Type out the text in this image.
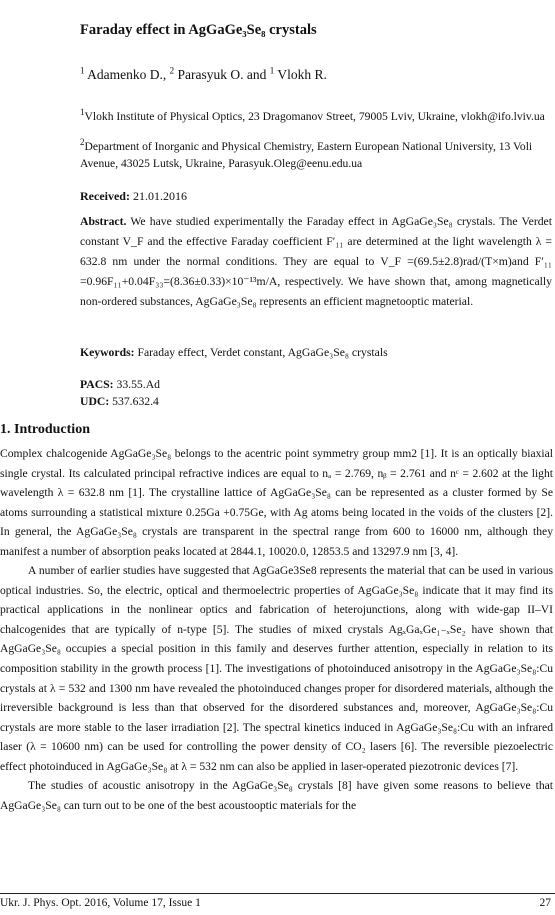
Faraday effect in AgGaGe₃Se₈ crystals
$^1$ Adamenko D., $^2$ Parasyuk O. and $^1$ Vlokh R.
$^1$Vlokh Institute of Physical Optics, 23 Dragomanov Street, 79005 Lviv, Ukraine, vlokh@ifo.lviv.ua
$^2$Department of Inorganic and Physical Chemistry, Eastern European National University, 13 Voli Avenue, 43025 Lutsk, Ukraine, Parasyuk.Oleg@eenu.edu.ua
Received: 21.01.2016
Abstract. We have studied experimentally the Faraday effect in AgGaGe₃Se₈ crystals. The Verdet constant V_F and the effective Faraday coefficient F′₁₁ are determined at the light wavelength λ = 632.8 nm under the normal conditions. They are equal to V_F =(69.5±2.8)rad/(T×m)and F′₁₁ =0.96F₁₁+0.04F₃₃=(8.36±0.33)×10⁻¹³m/A, respectively. We have shown that, among magnetically non-ordered substances, AgGaGe₃Se₈ represents an efficient magnetooptic material.
Keywords: Faraday effect, Verdet constant, AgGaGe₃Se₈ crystals
PACS: 33.55.Ad
UDC: 537.632.4
1. Introduction

Complex chalcogenide AgGaGe₃Se₈ belongs to the acentric point symmetry group mm2 [1]. It is an optically biaxial single crystal. Its calculated principal refractive indices are equal to nₐ = 2.769, nᵦ = 2.761 and nᶜ = 2.602 at the light wavelength λ = 632.8 nm [1]. The crystalline lattice of AgGaGe₃Se₈ can be represented as a cluster formed by Se atoms surrounding a statistical mixture 0.25Ga +0.75Ge, with Ag atoms being located in the voids of the clusters [2]. In general, the AgGaGe₃Se₈ crystals are transparent in the spectral range from 600 to 16000 nm, although they manifest a number of absorption peaks located at 2844.1, 10020.0, 12853.5 and 13297.9 nm [3, 4].

A number of earlier studies have suggested that AgGaGe3Se8 represents the material that can be used in various optical industries. So, the electric, optical and thermoelectric properties of AgGaGe₃Se₈ indicate that it may find its practical applications in the nonlinear optics and fabrication of heterojunctions, along with wide-gap II–VI chalcogenides that are typically of n-type [5]. The studies of mixed crystals AgₓGaₓGe₁₋ₓSe₂ have shown that AgGaGe₃Se₈ occupies a special position in this family and deserves further attention, especially in relation to its composition stability in the growth process [1]. The investigations of photoinduced anisotropy in the AgGaGe₃Se₈:Cu crystals at λ = 532 and 1300 nm have revealed the photoinduced changes proper for disordered materials, although the irreversible background is less than that observed for the disordered substances and, moreover, AgGaGe₃Se₈:Cu crystals are more stable to the laser irradiation [2]. The spectral kinetics induced in AgGaGe₃Se₈:Cu with an infrared laser (λ = 10600 nm) can be used for controlling the power density of CO₂ lasers [6]. The reversible piezoelectric effect photoinduced in AgGaGe₃Se₈ at λ = 532 nm can also be applied in laser-operated piezotronic devices [7].

The studies of acoustic anisotropy in the AgGaGe₃Se₈ crystals [8] have given some reasons to believe that AgGaGe₃Se₈ can turn out to be one of the best acoustooptic materials for the

Ukr. J. Phys. Opt. 2016, Volume 17, Issue 1	27
